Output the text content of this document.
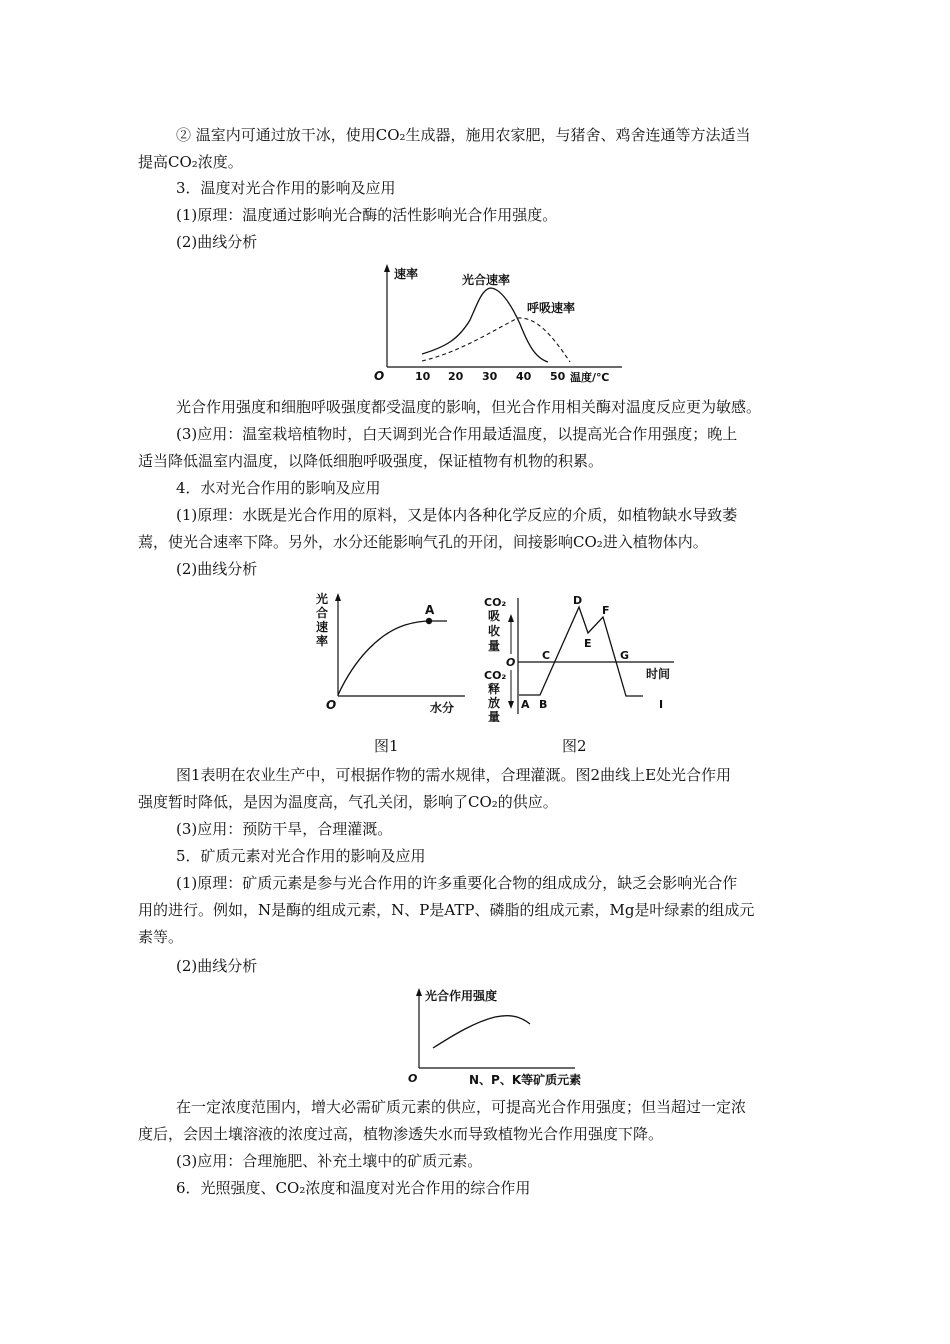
② 温室内可通过放干冰，使用CO₂生成器，施用农家肥，与猪舍、鸡舍连通等方法适当
提高CO₂浓度。
3．温度对光合作用的影响及应用
(1)原理：温度通过影响光合酶的活性影响光合作用强度。
(2)曲线分析
速率
O	10 20 30 40 50 温度/℃
光合速率
呼吸速率
光合作用强度和细胞呼吸强度都受温度的影响，但光合作用相关酶对温度反应更为敏感。
(3)应用：温室栽培植物时，白天调到光合作用最适温度，以提高光合作用强度；晚上
适当降低温室内温度，以降低细胞呼吸强度，保证植物有机物的积累。
4．水对光合作用的影响及应用
(1)原理：水既是光合作用的原料，又是体内各种化学反应的介质，如植物缺水导致萎
蔫，使光合速率下降。另外，水分还能影响气孔的开闭，间接影响CO₂进入植物体内。
(2)曲线分析
光
合
速
率
O	水分
A
图1
CO₂
吸
收
量
O
CO₂
释
放
量
A B
C
D
E
F
G
I
时间
图2
图1表明在农业生产中，可根据作物的需水规律，合理灌溉。图2曲线上E处光合作用
强度暂时降低，是因为温度高，气孔关闭，影响了CO₂的供应。
(3)应用：预防干旱，合理灌溉。
5．矿质元素对光合作用的影响及应用
(1)原理：矿质元素是参与光合作用的许多重要化合物的组成成分，缺乏会影响光合作
用的进行。例如，N是酶的组成元素，N、P是ATP、磷脂的组成元素，Mg是叶绿素的组成元
素等。
(2)曲线分析
光合作用强度
O	N、P、K等矿质元素
在一定浓度范围内，增大必需矿质元素的供应，可提高光合作用强度；但当超过一定浓
度后，会因土壤溶液的浓度过高，植物渗透失水而导致植物光合作用强度下降。
(3)应用：合理施肥、补充土壤中的矿质元素。
6．光照强度、CO₂浓度和温度对光合作用的综合作用
